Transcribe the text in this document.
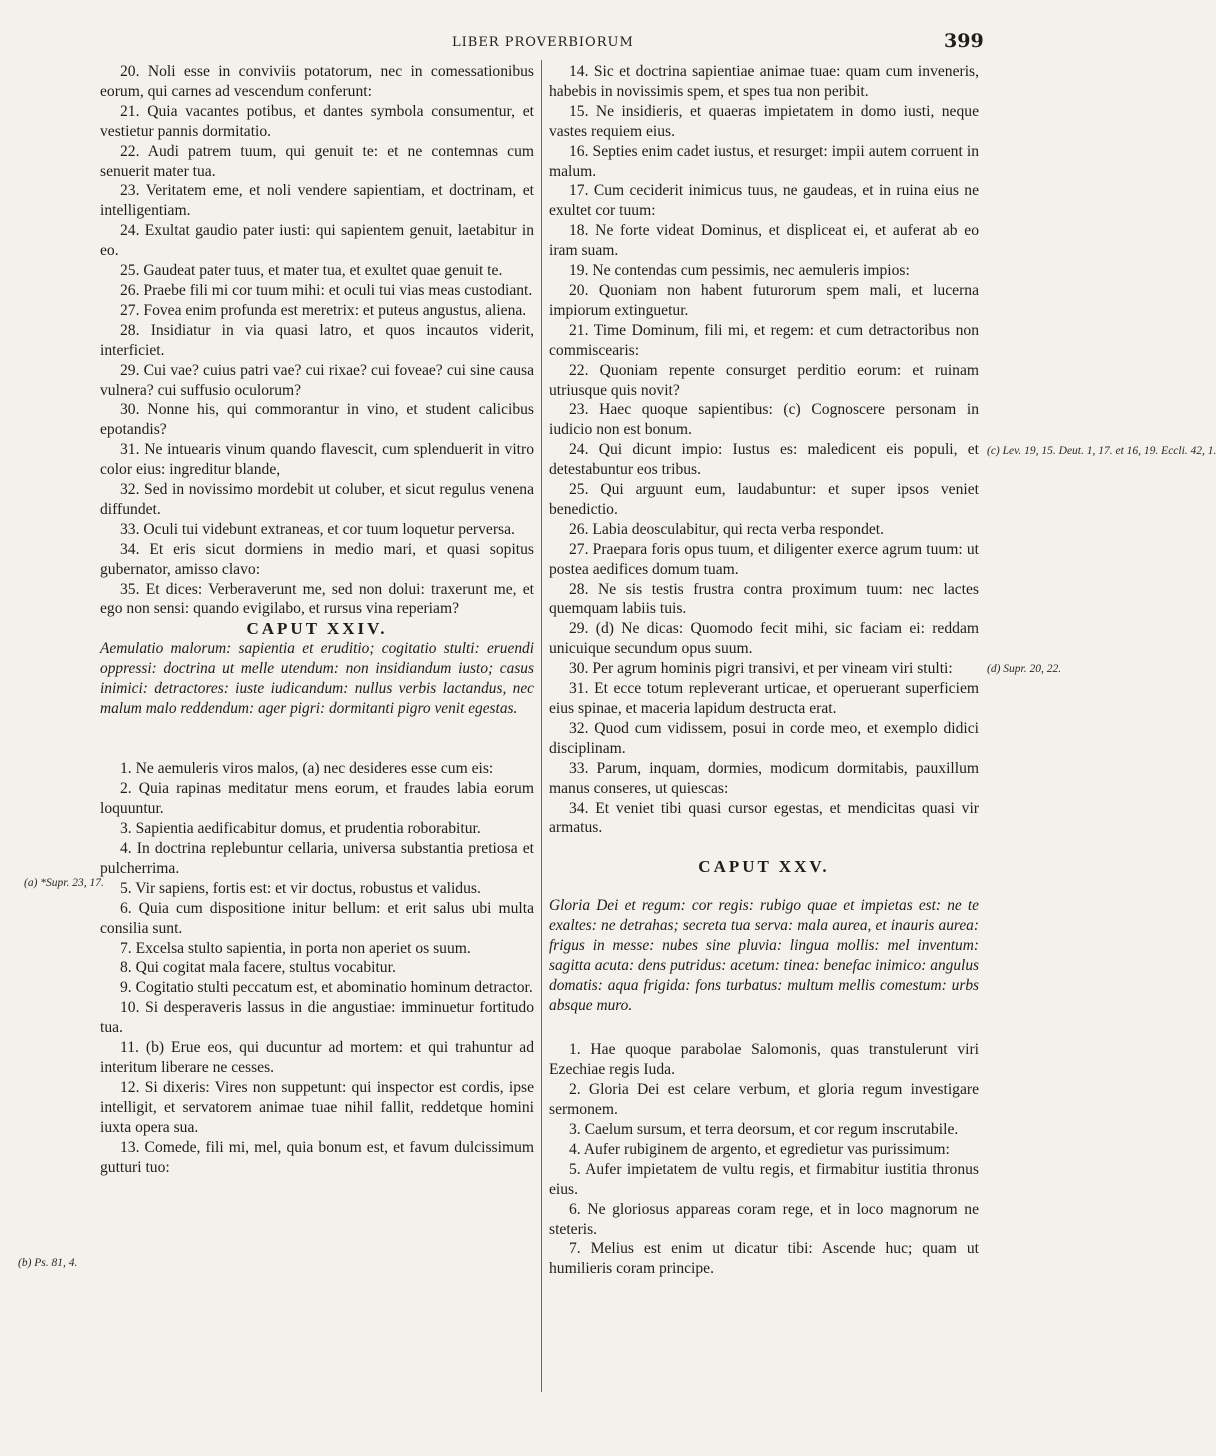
LIBER PROVERBIORUM	399

20. Noli esse in conviviis potatorum, nec in comessationibus eorum, qui carnes ad vescendum conferunt:

21. Quia vacantes potibus, et dantes symbola consumentur, et vestietur pannis dormitatio.

22. Audi patrem tuum, qui genuit te: et ne contemnas cum senuerit mater tua.

23. Veritatem eme, et noli vendere sapientiam, et doctrinam, et intelligentiam.

24. Exultat gaudio pater iusti: qui sapientem genuit, laetabitur in eo.

25. Gaudeat pater tuus, et mater tua, et exultet quae genuit te.

26. Praebe fili mi cor tuum mihi: et oculi tui vias meas custodiant.

27. Fovea enim profunda est meretrix: et puteus angustus, aliena.

28. Insidiatur in via quasi latro, et quos incautos viderit, interficiet.

29. Cui vae? cuius patri vae? cui rixae? cui foveae? cui sine causa vulnera? cui suffusio oculorum?

30. Nonne his, qui commorantur in vino, et student calicibus epotandis?

31. Ne intuearis vinum quando flavescit, cum splenduerit in vitro color eius: ingreditur blande,

32. Sed in novissimo mordebit ut coluber, et sicut regulus venena diffundet.

33. Oculi tui videbunt extraneas, et cor tuum loquetur perversa.

34. Et eris sicut dormiens in medio mari, et quasi sopitus gubernator, amisso clavo:

35. Et dices: Verberaverunt me, sed non dolui: traxerunt me, et ego non sensi: quando evigilabo, et rursus vina reperiam?

CAPUT XXIV.

Aemulatio malorum: sapientia et eruditio; cogitatio stulti: eruendi oppressi: doctrina ut melle utendum: non insidiandum iusto; casus inimici: detractores: iuste iudicandum: nullus verbis lactandus, nec malum malo reddendum: ager pigri: dormitanti pigro venit egestas.

1. Ne aemuleris viros malos, (a) nec desideres esse cum eis:

2. Quia rapinas meditatur mens eorum, et fraudes labia eorum loquuntur.

3. Sapientia aedificabitur domus, et prudentia roborabitur.

4. In doctrina replebuntur cellaria, universa substantia pretiosa et pulcherrima.

5. Vir sapiens, fortis est: et vir doctus, robustus et validus.

6. Quia cum dispositione initur bellum: et erit salus ubi multa consilia sunt.

7. Excelsa stulto sapientia, in porta non aperiet os suum.

8. Qui cogitat mala facere, stultus vocabitur.

9. Cogitatio stulti peccatum est, et abominatio hominum detractor.

10. Si desperaveris lassus in die angustiae: imminuetur fortitudo tua.

11. (b) Erue eos, qui ducuntur ad mortem: et qui trahuntur ad interitum liberare ne cesses.

12. Si dixeris: Vires non suppetunt: qui inspector est cordis, ipse intelligit, et servatorem animae tuae nihil fallit, reddetque homini iuxta opera sua.

13. Comede, fili mi, mel, quia bonum est, et favum dulcissimum gutturi tuo:

14. Sic et doctrina sapientiae animae tuae: quam cum inveneris, habebis in novissimis spem, et spes tua non peribit.

15. Ne insidieris, et quaeras impietatem in domo iusti, neque vastes requiem eius.

16. Septies enim cadet iustus, et resurget: impii autem corruent in malum.

17. Cum ceciderit inimicus tuus, ne gaudeas, et in ruina eius ne exultet cor tuum:

18. Ne forte videat Dominus, et displiceat ei, et auferat ab eo iram suam.

19. Ne contendas cum pessimis, nec aemuleris impios:

20. Quoniam non habent futurorum spem mali, et lucerna impiorum extinguetur.

21. Time Dominum, fili mi, et regem: et cum detractoribus non commiscearis:

22. Quoniam repente consurget perditio eorum: et ruinam utriusque quis novit?

23. Haec quoque sapientibus: (c) Cognoscere personam in iudicio non est bonum.

24. Qui dicunt impio: Iustus es: maledicent eis populi, et detestabuntur eos tribus.

25. Qui arguunt eum, laudabuntur: et super ipsos veniet benedictio.

26. Labia deosculabitur, qui recta verba respondet.

27. Praepara foris opus tuum, et diligenter exerce agrum tuum: ut postea aedifices domum tuam.

28. Ne sis testis frustra contra proximum tuum: nec lactes quemquam labiis tuis.

29. (d) Ne dicas: Quomodo fecit mihi, sic faciam ei: reddam unicuique secundum opus suum.

30. Per agrum hominis pigri transivi, et per vineam viri stulti:

31. Et ecce totum repleverant urticae, et operuerant superficiem eius spinae, et maceria lapidum destructa erat.

32. Quod cum vidissem, posui in corde meo, et exemplo didici disciplinam.

33. Parum, inquam, dormies, modicum dormitabis, pauxillum manus conseres, ut quiescas:

34. Et veniet tibi quasi cursor egestas, et mendicitas quasi vir armatus.

CAPUT XXV.

Gloria Dei et regum: cor regis: rubigo quae et impietas est: ne te exaltes: ne detrahas; secreta tua serva: mala aurea, et inauris aurea: frigus in messe: nubes sine pluvia: lingua mollis: mel inventum: sagitta acuta: dens putridus: acetum: tinea: benefac inimico: angulus domatis: aqua frigida: fons turbatus: multum mellis comestum: urbs absque muro.

1. Hae quoque parabolae Salomonis, quas transtulerunt viri Ezechiae regis Iuda.

2. Gloria Dei est celare verbum, et gloria regum investigare sermonem.

3. Caelum sursum, et terra deorsum, et cor regum inscrutabile.

4. Aufer rubiginem de argento, et egredietur vas purissimum:

5. Aufer impietatem de vultu regis, et firmabitur iustitia thronus eius.

6. Ne gloriosus appareas coram rege, et in loco magnorum ne steteris.

7. Melius est enim ut dicatur tibi: Ascende huc; quam ut humilieris coram principe.

(a) *Supr. 23, 17.
(b) Ps. 81, 4.
(c) Lev. 19, 15. Deut. 1, 17. et 16, 19. Eccli. 42, 1.
(d) Supr. 20, 22.
